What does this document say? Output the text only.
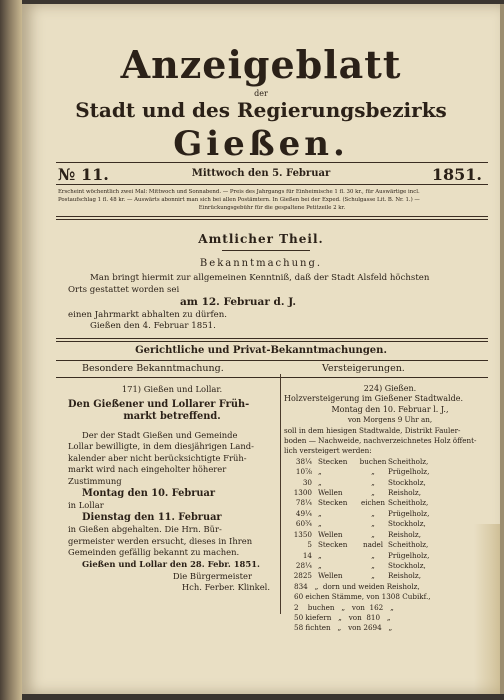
Anzeigeblatt
der
Stadt und des Regierungsbezirks
Gießen.
№ 11.	Mittwoch den 5. Februar	1851.
Erscheint wöchentlich zwei Mal: Mittwoch und Sonnabend. — Preis des Jahrgangs für Einheimische 1 fl. 30 kr., für Auswärtige incl.
Postaufschlag 1 fl. 48 kr. — Auswärts abonnirt man sich bei allen Postämtern. In Gießen bei der Exped. (Schulgasse Lit. B. Nr. 1.) —
Einrückungsgebühr für die gespaltene Petitzeile 2 kr.
Amtlicher Theil.
Bekanntmachung.
Man bringt hiermit zur allgemeinen Kenntniß, daß der Stadt Alsfeld höchsten
Orts gestattet worden sei
am 12. Februar d. J.
einen Jahrmarkt abhalten zu dürfen.
Gießen den 4. Februar 1851.
Gerichtliche und Privat-Bekanntmachungen.
Besondere Bekanntmachung.	Versteigerungen.
171) Gießen und Lollar.
Den Gießener und Lollarer Früh-
markt betreffend.
Der der Stadt Gießen und Gemeinde
Lollar bewilligte, in dem diesjährigen Land-
kalender aber nicht berücksichtigte Früh-
markt wird nach eingeholter höherer
Zustimmung
Montag den 10. Februar
in Lollar
Dienstag den 11. Februar
in Gießen abgehalten. Die Hrn. Bür-
germeister werden ersucht, dieses in Ihren
Gemeinden gefällig bekannt zu machen.
Gießen und Lollar den 28. Febr. 1851.
Die Bürgermeister
Hch. Ferber. Klinkel.
224) Gießen.
Holzversteigerung im Gießener Stadtwalde.
Montag den 10. Februar l. J.,
von Morgens 9 Uhr an,
soll in dem hiesigen Stadtwalde, Distrikt Fauler-
boden — Nachweide, nachverzeichnetes Holz öffent-
lich versteigert werden:
38¼ Stecken	buchen Scheitholz,
10⅞ „	„	Prügelholz,
30 „	„	Stockholz,
1300 Wellen	„	Reisholz,
78¼ Stecken	eichen Scheitholz,
49¼ „	„	Prügelholz,
60¾ „	„	Stockholz,
1350 Wellen	„	Reisholz,
5 Stecken	nadel Scheitholz,
14 „	„	Prügelholz,
28¼ „	„	Stockholz,
2825 Wellen	„	Reisholz,
834   „  dorn und weiden Reisholz,
60 eichen Stämme, von 1308 Cubikf.,
2    buchen   „   von  162   „
50 kiefern   „   von  810   „
58 fichten   „   von 2694   „
